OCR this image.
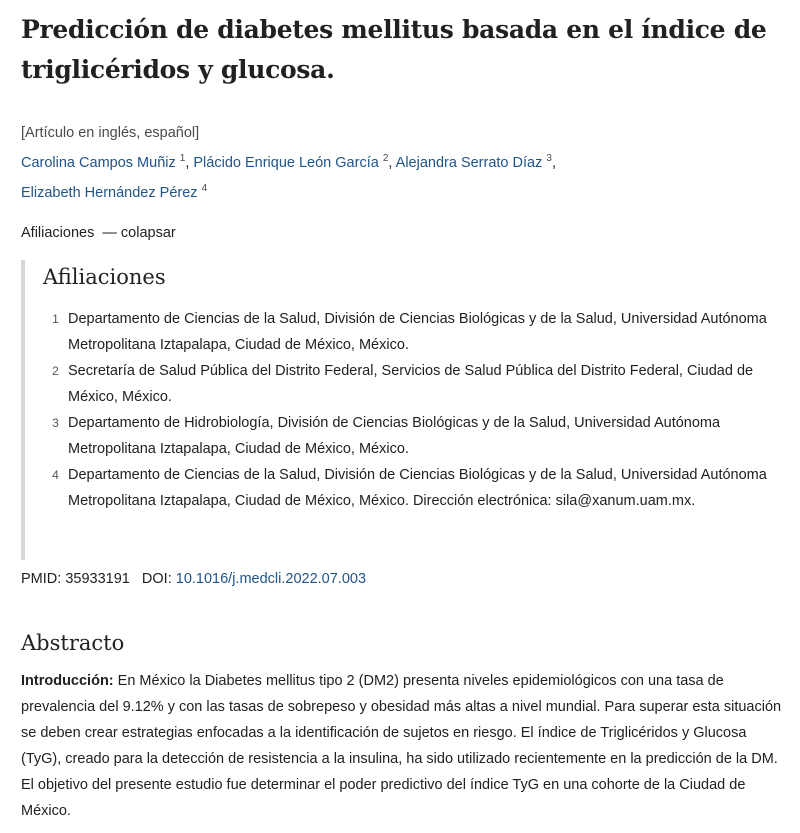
Predicción de diabetes mellitus basada en el índice de triglicéridos y glucosa.
[Artículo en inglés, español]
Carolina Campos Muñiz $^1$, Plácido Enrique León García $^2$, Alejandra Serrato Díaz $^3$,
Elizabeth Hernández Pérez $^4$
Afiliaciones — colapsar
Afiliaciones
1 Departamento de Ciencias de la Salud, División de Ciencias Biológicas y de la Salud, Universidad Autónoma Metropolitana Iztapalapa, Ciudad de México, México.
2 Secretaría de Salud Pública del Distrito Federal, Servicios de Salud Pública del Distrito Federal, Ciudad de México, México.
3 Departamento de Hidrobiología, División de Ciencias Biológicas y de la Salud, Universidad Autónoma Metropolitana Iztapalapa, Ciudad de México, México.
4 Departamento de Ciencias de la Salud, División de Ciencias Biológicas y de la Salud, Universidad Autónoma Metropolitana Iztapalapa, Ciudad de México, México. Dirección electrónica: sila@xanum.uam.mx.
PMID: 35933191 DOI: 10.1016/j.medcli.2022.07.003
Abstracto

Introducción: En México la Diabetes mellitus tipo 2 (DM2) presenta niveles epidemiológicos con una tasa de prevalencia del 9.12% y con las tasas de sobrepeso y obesidad más altas a nivel mundial. Para superar esta situación se deben crear estrategias enfocadas a la identificación de sujetos en riesgo. El índice de Triglicéridos y Glucosa (TyG), creado para la detección de resistencia a la insulina, ha sido utilizado recientemente en la predicción de la DM. El objetivo del presente estudio fue determinar el poder predictivo del índice TyG en una cohorte de la Ciudad de México.
